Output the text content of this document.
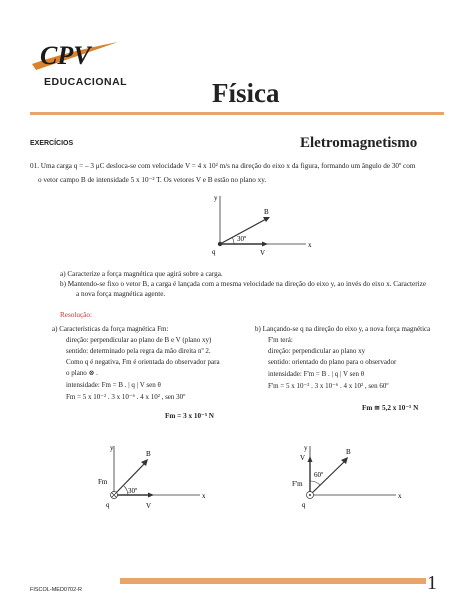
CPV
EDUCACIONAL	Física
EXERCÍCIOS	Eletromagnetismo
01. Uma carga q = – 3 μC desloca-se com velocidade V = 4 x 10² m/s na direção do eixo x da figura, formando um ângulo de 30º com
o vetor campo B de intensidade 5 x 10⁻² T. Os vetores V e B estão no plano xy.
y
x
q
30º
B
V
a) Caracterize a força magnética que agirá sobre a carga.
b) Mantendo-se fixo o vetor B, a carga é lançada com a mesma velocidade na direção do eixo y, ao invés do eixo x. Caracterize
a nova força magnética agente.
Resolução:
a) Características da força magnética Fm:
direção: perpendicular ao plano de B e V (plano xy)
sentido: determinado pela regra da mão direita nº 2.
Como q é negativa, Fm é orientada do observador para
o plano ⊗ .
intensidade: Fm = B . | q | V sen θ
Fm = 5 x 10⁻² . 3 x 10⁻⁶ . 4 x 10² , sen 30º
Fm = 3 x 10⁻⁵ N
b) Lançando-se q na direção do eixo y, a nova força magnética
F'm terá:
direção: perpendicular ao plano xy
sentido: orientado do plano para o observador
intensidade: F'm = B . | q | V sen θ
F'm = 5 x 10⁻² . 3 x 10⁻⁶ . 4 x 10² , sen 60º
Fm ≅ 5,2 x 10⁻⁵ N
y
x
q
Fm
30º
B
V
y
x
q
F'm
60º
B
V
FISCOL-MED0702-R	1
